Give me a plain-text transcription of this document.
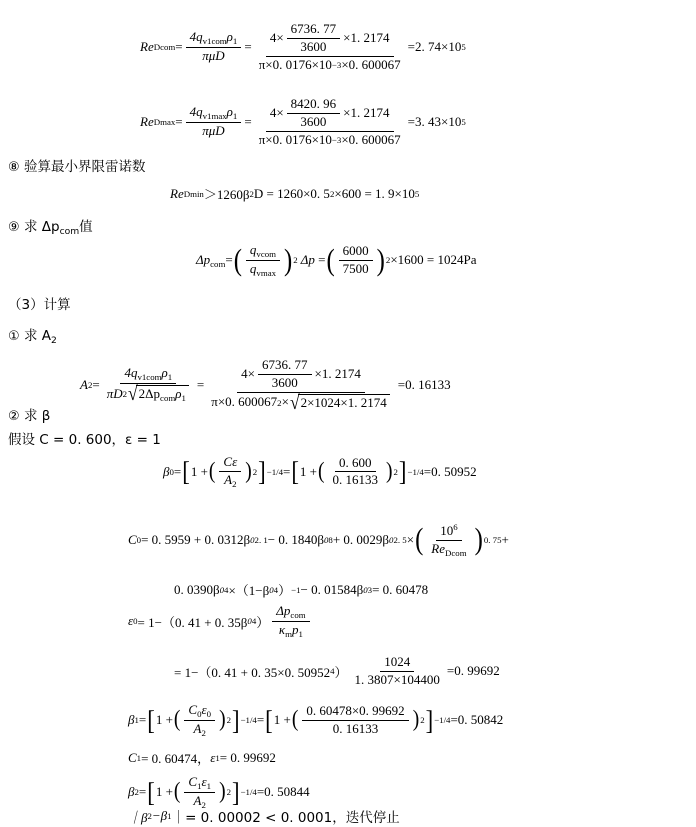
Re Dcom = $\frac{4q_{v1com}\rho_1}{\text{πμD}}$ =
$4\times \frac{6736. 77}{3600} \times 1$. 2174
π×0. 0176×10 −3 ×0. 600067
= 2. 74×10 5
Re $Dmax = \frac{4q_{v1max}\rho_1}{\text{πμD}}$ =
$4\times \frac{8420. 96}{3600} \times 1$. 2174
π×0. 0176×10 −3 ×0. 600067
= 3. 43×10 5
⑧ 验算最小界限雷诺数
Re Dmin ＞1260β 2 D = 1260×0. 5 2 ×600 = 1. 9×10 5
⑨ 求 $\Delta p_{com}$值
$\Delta p_{com}$ = ( $\frac{q_{vcom}}{q_{vmax}}$ ) 2 Δp = ( $\frac{6000}{7500}$ ) 2 ×1600 = 1024Pa
（3）计算
① 求 $A_2$
A $2 = \frac{4q_{v1com}\rho_1}{\pi D 2 √ 2\Delta p_{com}\rho_1}$ =
$4\times \frac{6736. 77}{3600} \times 1$. 2174
π×0. 600067 2 × √ 2×1024×1. 2174
= 0. 16133
② 求 β
假设 C = 0. 600，ε = 1
β 0 = [ 1 + ( $\frac{C\varepsilon}{A_2}$ ) 2 ] −1/4 = [ 1 + ( $\frac{0. 600}{0. 16133}$ ) 2 ] −1/4 = 0. 50952
C 0 = 0. 5959 + 0. 0312β 0 2. 1 − 0. 1840β 0 8 + 0. 0029β 0 2. 5 × ( $\frac{10^6}{Re_{Dcom}}$ ) 0. 75 +
0. 0390β 0 4 ×（1−β 0 4 ） −1 − 0. 01584β 0 3 = 0. 60478
ε 0 = 1−（0. 41 + 0. 35β 0 4 ） $\frac{\Delta p_{com}}{\kappa_mp_1}$
= 1−（0. 41 + 0. 35×0. 50952 4 ） $\frac{1024}{1. 3807\times 104400} = 0$. 99692
β 1 = [ 1 + ( $\frac{C_0\varepsilon_0}{A_2}$ ) 2 ] −1/4 = [ 1 + ( $\frac{0. 60478\times 0. 99692}{0. 16133}$ ) 2 ] −1/4 = 0. 50842
C 1 = 0. 60474， ε 1 = 0. 99692
β 2 = [ 1 + ( $\frac{C_1\varepsilon_1}{A_2}$ ) 2 ] −1/4 = 0. 50844
｜β 2 −β 1 ｜= 0. 00002 < 0. 0001，迭代停止
